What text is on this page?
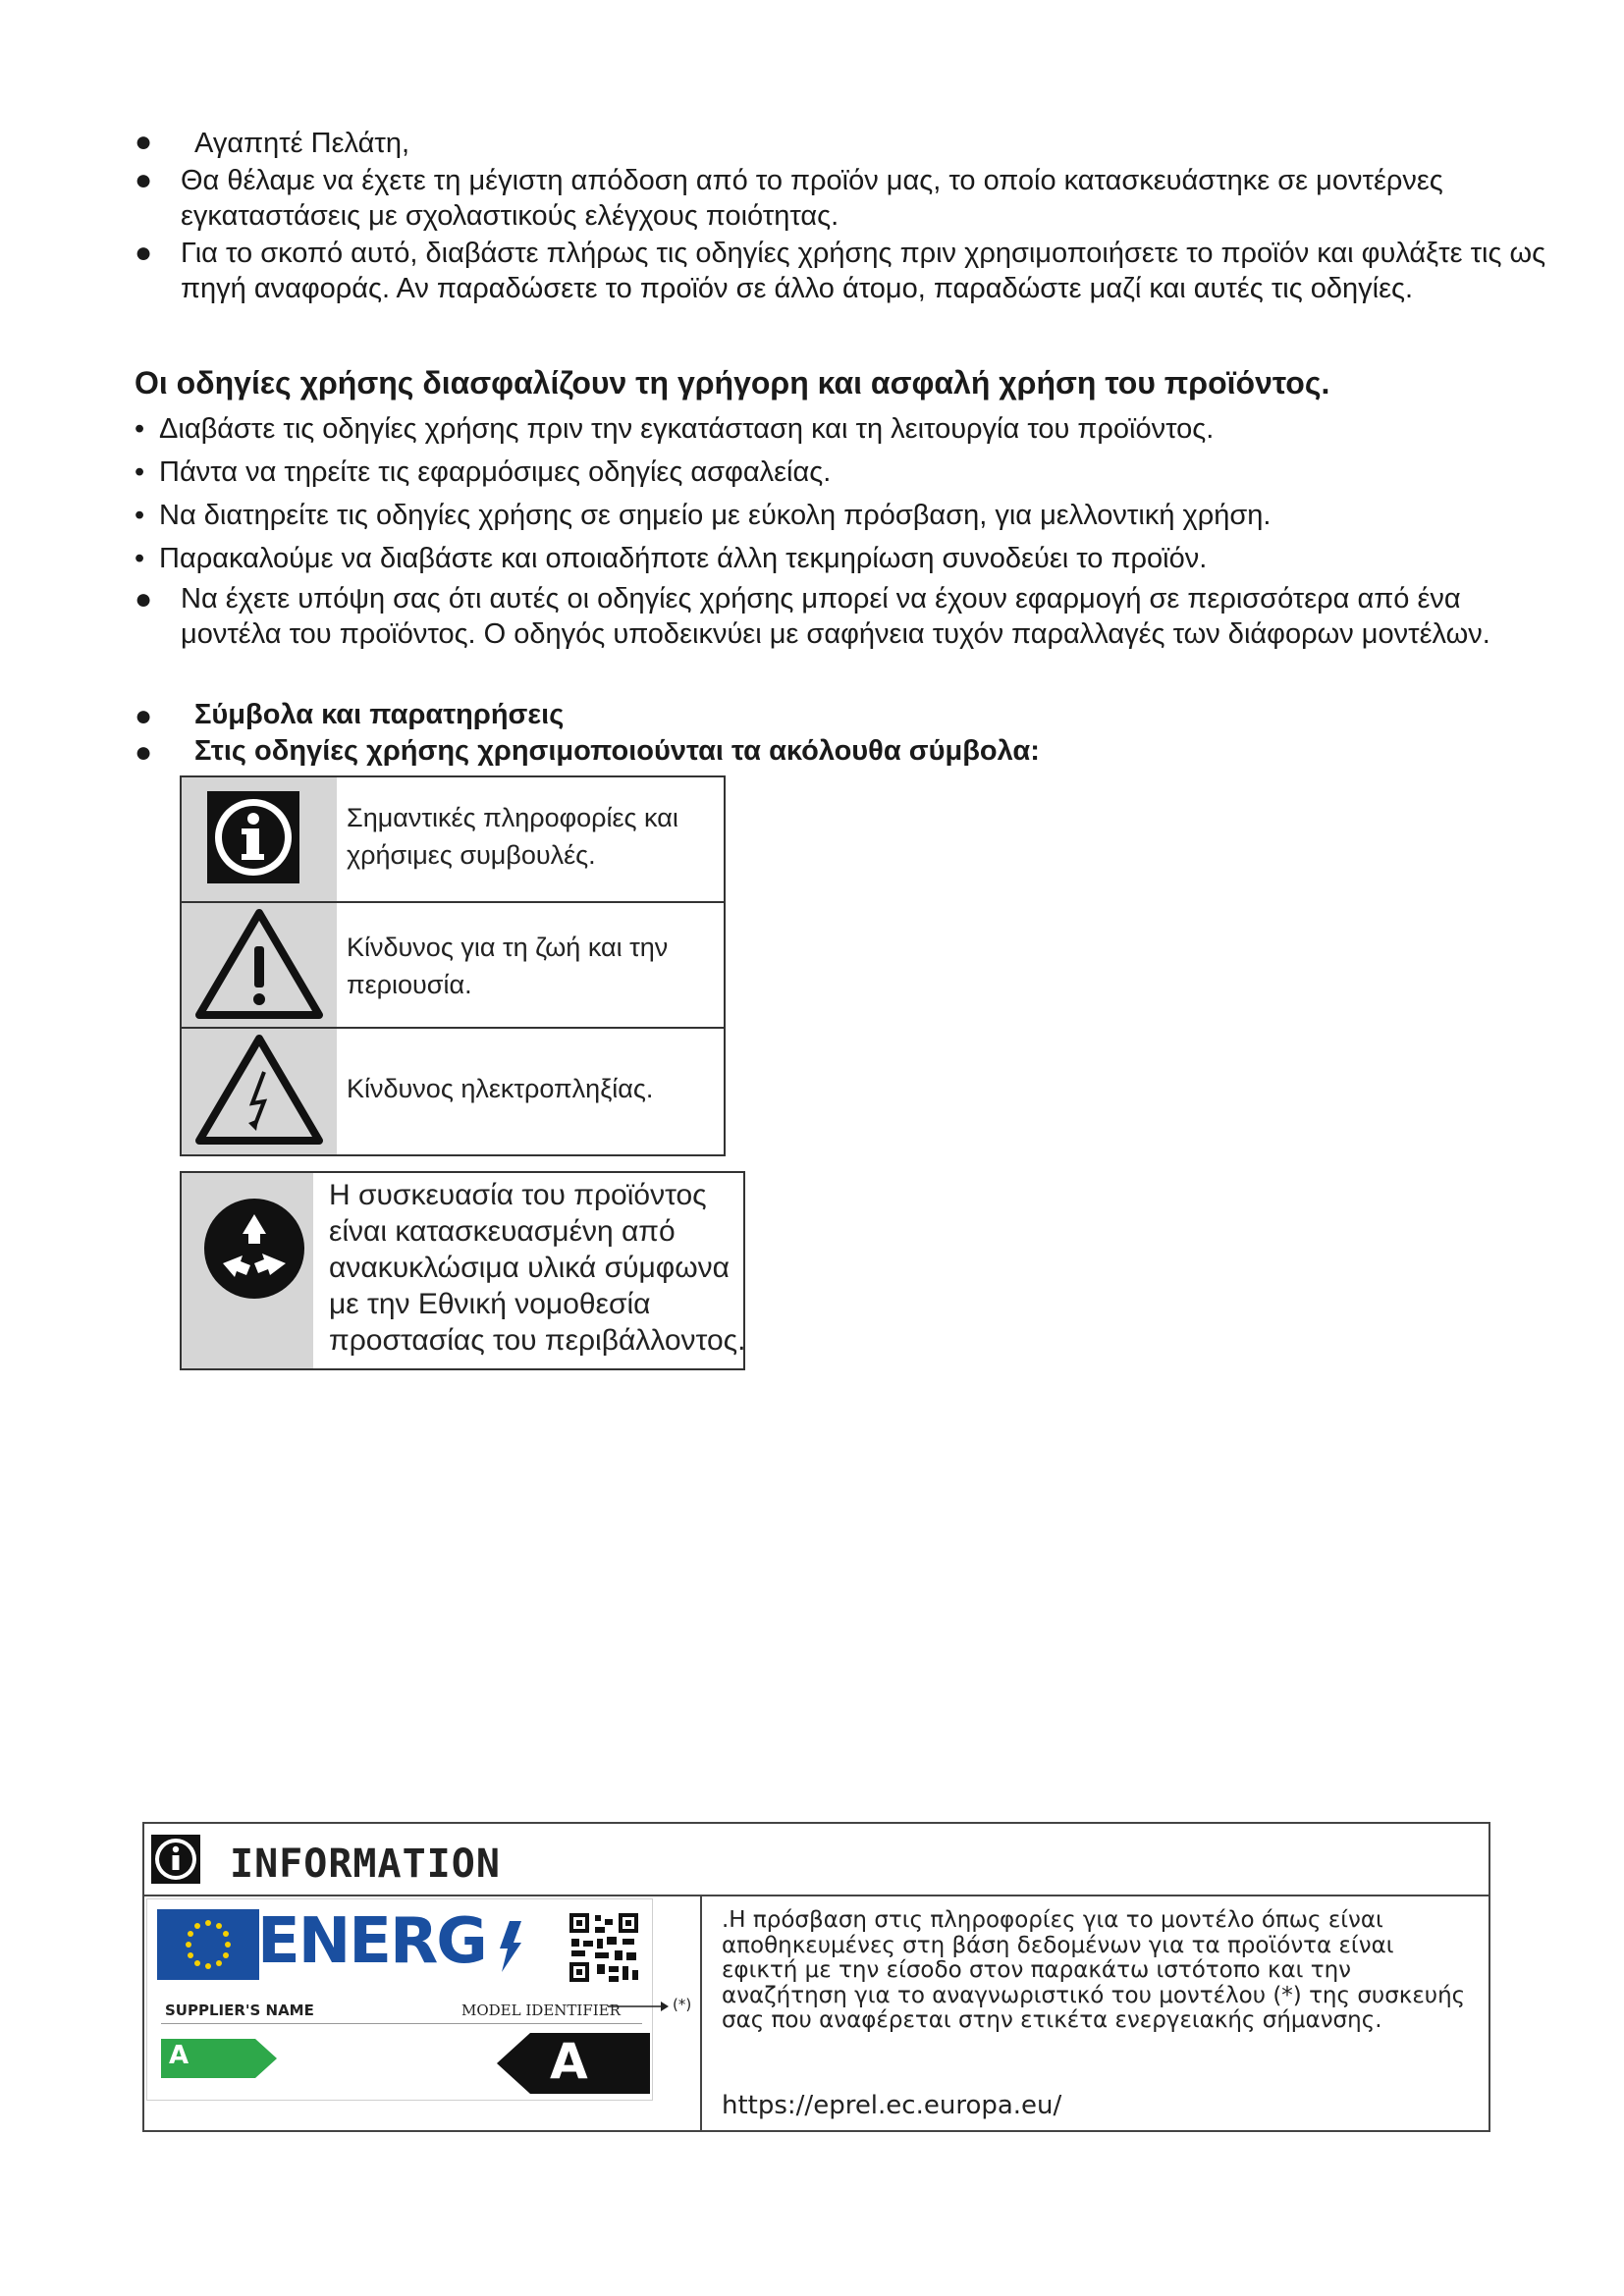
● Αγαπητέ Πελάτη,
● Θα θέλαμε να έχετε τη μέγιστη απόδοση από το προϊόν μας, το οποίο κατασκευάστηκε σε μοντέρνες
εγκαταστάσεις με σχολαστικούς ελέγχους ποιότητας.
● Για το σκοπό αυτό, διαβάστε πλήρως τις οδηγίες χρήσης πριν χρησιμοποιήσετε το προϊόν και φυλάξτε τις ως
πηγή αναφοράς. Αν παραδώσετε το προϊόν σε άλλο άτομο, παραδώστε μαζί και αυτές τις οδηγίες.
Οι οδηγίες χρήσης διασφαλίζουν τη γρήγορη και ασφαλή χρήση του προϊόντος.
• Διαβάστε τις οδηγίες χρήσης πριν την εγκατάσταση και τη λειτουργία του προϊόντος.
• Πάντα να τηρείτε τις εφαρμόσιμες οδηγίες ασφαλείας.
• Να διατηρείτε τις οδηγίες χρήσης σε σημείο με εύκολη πρόσβαση, για μελλοντική χρήση.
• Παρακαλούμε να διαβάστε και οποιαδήποτε άλλη τεκμηρίωση συνοδεύει το προϊόν.
● Να έχετε υπόψη σας ότι αυτές οι οδηγίες χρήσης μπορεί να έχουν εφαρμογή σε περισσότερα από ένα
μοντέλα του προϊόντος. Ο οδηγός υποδεικνύει με σαφήνεια τυχόν παραλλαγές των διάφορων μοντέλων.
● Σύμβολα και παρατηρήσεις
● Στις οδηγίες χρήσης χρησιμοποιούνται τα ακόλουθα σύμβολα:
Σημαντικές πληροφορίες και
χρήσιμες συμβουλές.
Κίνδυνος για τη ζωή και την
περιουσία.
Κίνδυνος ηλεκτροπληξίας.
Η συσκευασία του προϊόντος
είναι κατασκευασμένη από
ανακυκλώσιμα υλικά σύμφωνα
με την Εθνική νομοθεσία
προστασίας του περιβάλλοντος.
INFORMATION
ENERG
SUPPLIER'S NAME	MODEL IDENTIFIER
A	A
(*)
.Η πρόσβαση στις πληροφορίες για το μοντέλο όπως είναι αποθηκευμένες στη βάση δεδομένων για τα προϊόντα είναι εφικτή με την είσοδο στον παρακάτω ιστότοπο και την αναζήτηση για το αναγνωριστικό του μοντέλου (*) της συσκευής σας που αναφέρεται στην ετικέτα ενεργειακής σήμανσης.
https://eprel.ec.europa.eu/
